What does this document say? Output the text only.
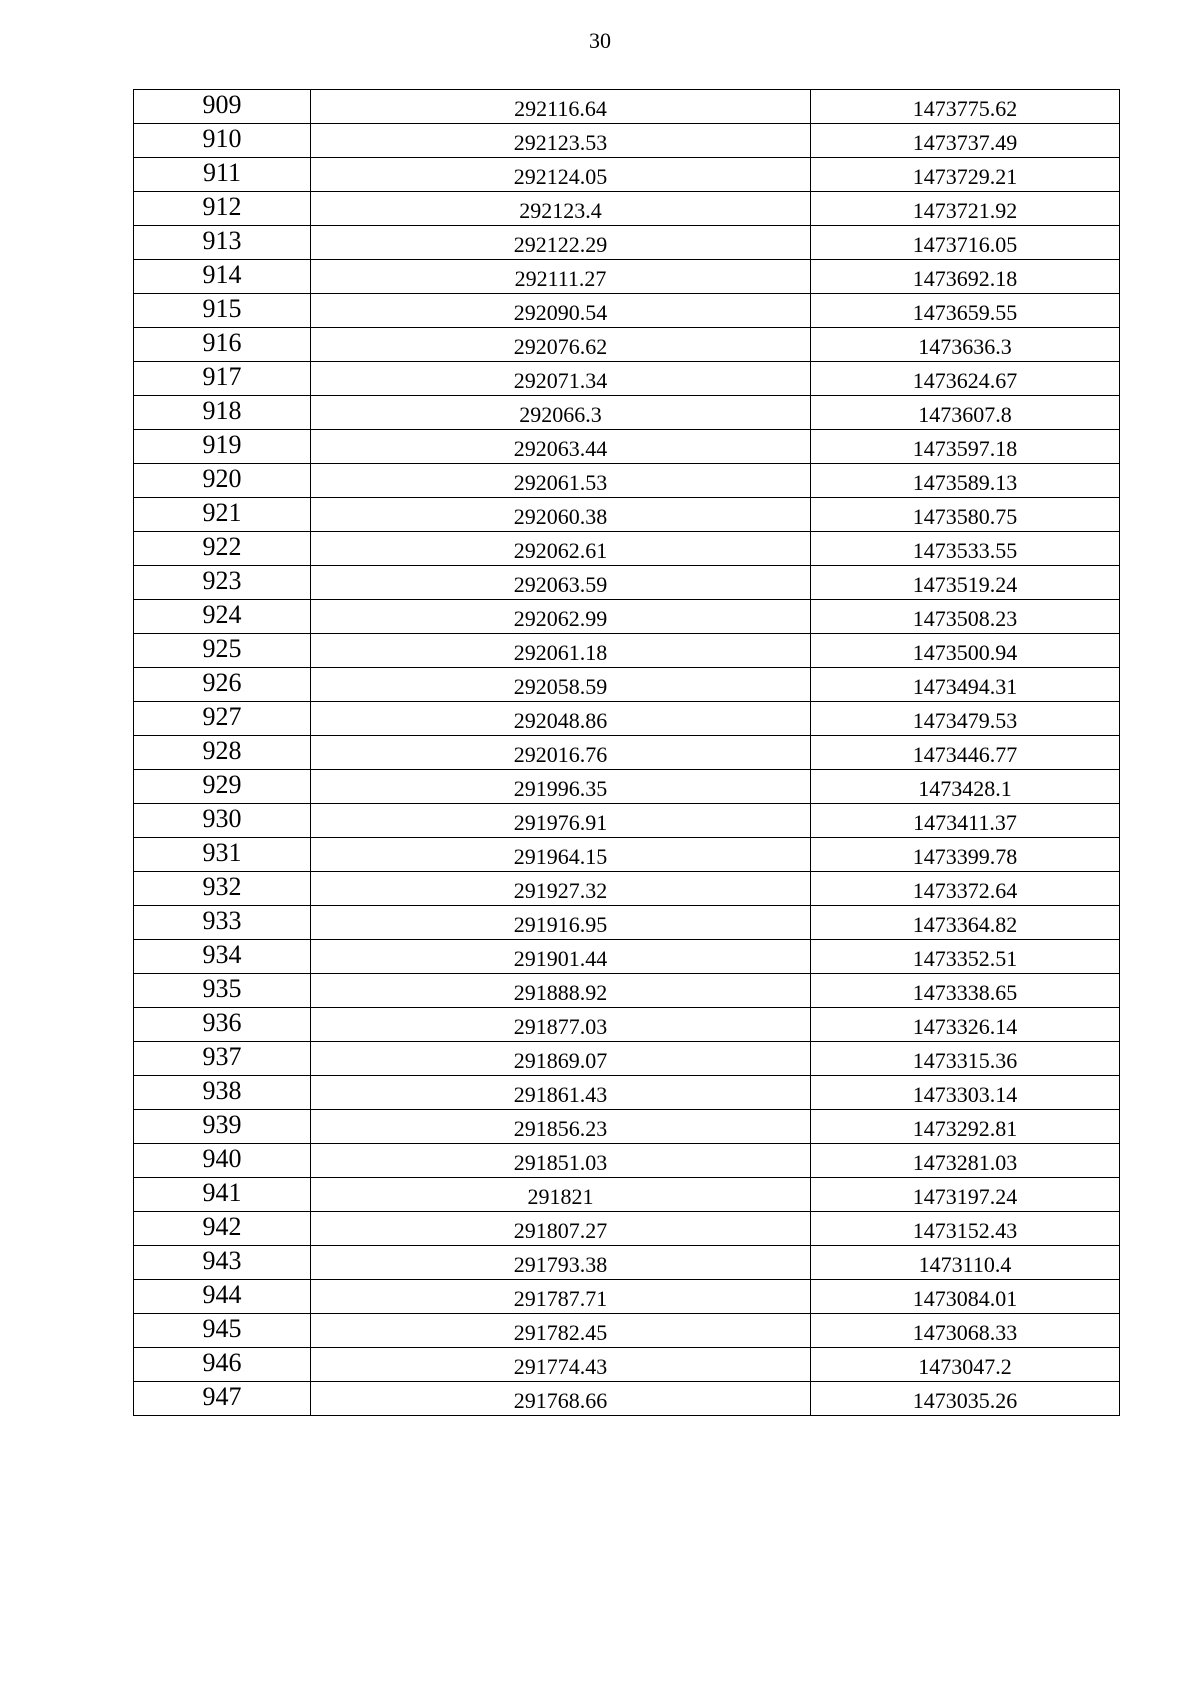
30
909	292116.64	1473775.62
910	292123.53	1473737.49
911	292124.05	1473729.21
912	292123.4	1473721.92
913	292122.29	1473716.05
914	292111.27	1473692.18
915	292090.54	1473659.55
916	292076.62	1473636.3
917	292071.34	1473624.67
918	292066.3	1473607.8
919	292063.44	1473597.18
920	292061.53	1473589.13
921	292060.38	1473580.75
922	292062.61	1473533.55
923	292063.59	1473519.24
924	292062.99	1473508.23
925	292061.18	1473500.94
926	292058.59	1473494.31
927	292048.86	1473479.53
928	292016.76	1473446.77
929	291996.35	1473428.1
930	291976.91	1473411.37
931	291964.15	1473399.78
932	291927.32	1473372.64
933	291916.95	1473364.82
934	291901.44	1473352.51
935	291888.92	1473338.65
936	291877.03	1473326.14
937	291869.07	1473315.36
938	291861.43	1473303.14
939	291856.23	1473292.81
940	291851.03	1473281.03
941	291821	1473197.24
942	291807.27	1473152.43
943	291793.38	1473110.4
944	291787.71	1473084.01
945	291782.45	1473068.33
946	291774.43	1473047.2
947	291768.66	1473035.26
